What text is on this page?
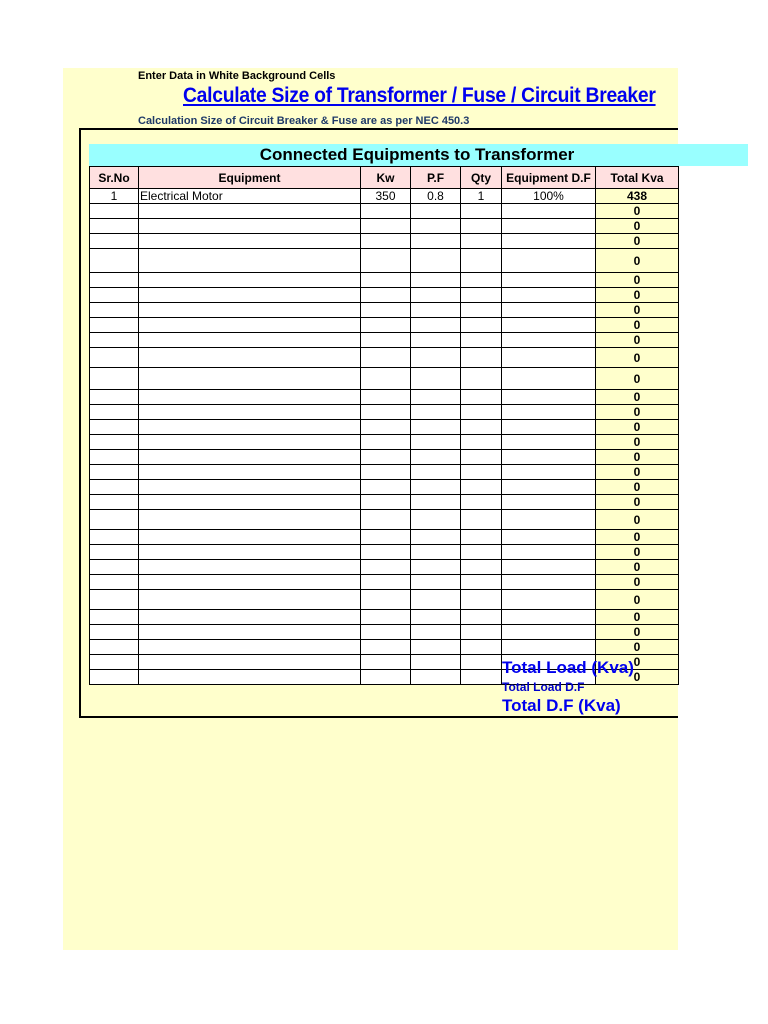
Enter Data in White Background Cells
Calculate Size of Transformer / Fuse / Circuit Breaker
Calculation Size of Circuit Breaker & Fuse are as per NEC 450.3
Connected Equipments to Transformer
Sr.No	Equipment	Kw	P.F	Qty	Equipment D.F	Total Kva
1	Electrical Motor	350	0.8	1	100%	438
						0
						0
						0
						0
						0
						0
						0
						0
						0
						0
						0
						0
						0
						0
						0
						0
						0
						0
						0
						0
						0
						0
						0
						0
						0
						0
						0
						0
						0
						0
Total Load (Kva)
Total Load D.F
Total D.F (Kva)
